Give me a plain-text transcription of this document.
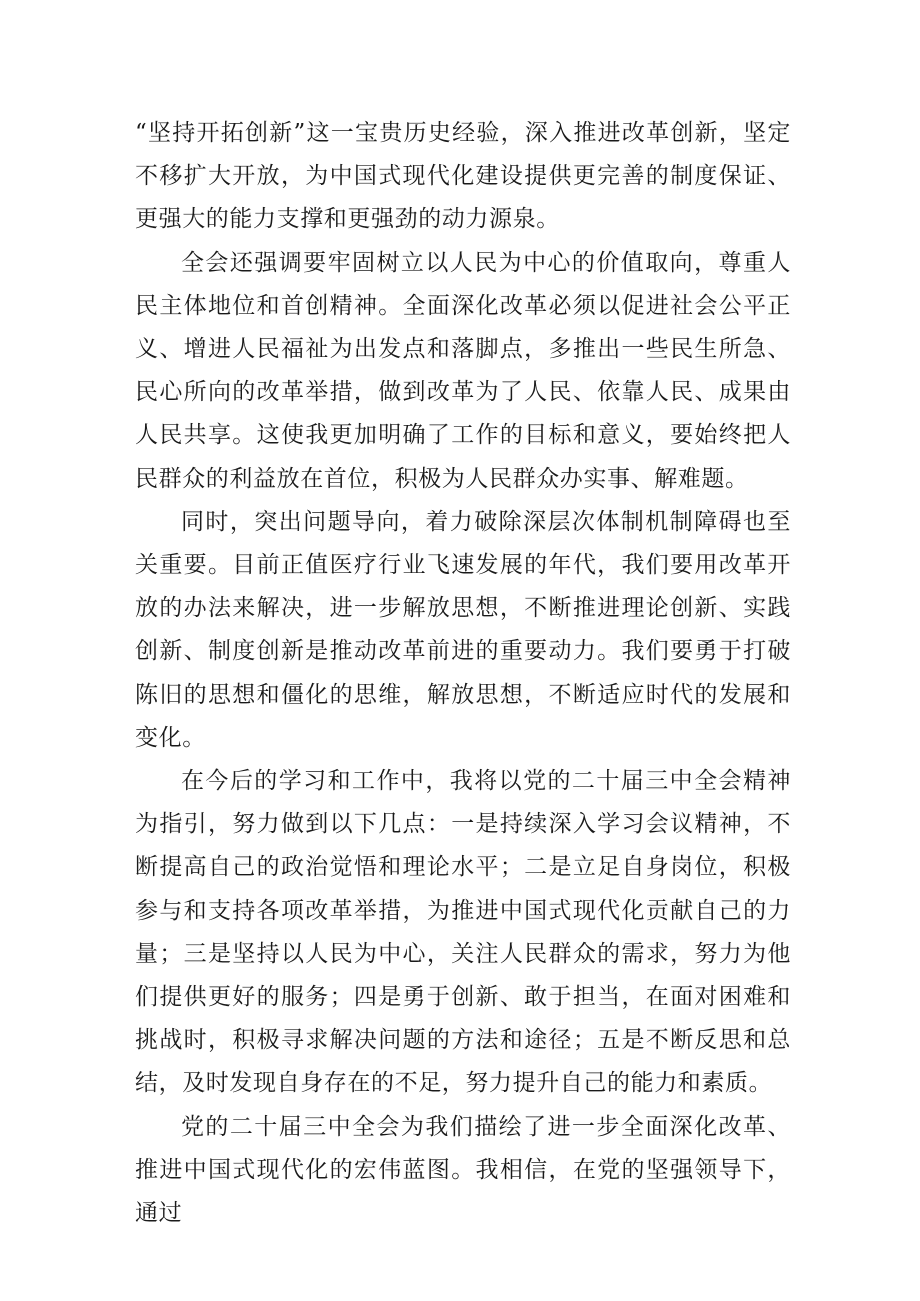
“坚持开拓创新”这一宝贵历史经验，深入推进改革创新，坚定不移扩大开放，为中国式现代化建设提供更完善的制度保证、更强大的能力支撑和更强劲的动力源泉。

全会还强调要牢固树立以人民为中心的价值取向，尊重人民主体地位和首创精神。全面深化改革必须以促进社会公平正义、增进人民福祉为出发点和落脚点，多推出一些民生所急、民心所向的改革举措，做到改革为了人民、依靠人民、成果由人民共享。这使我更加明确了工作的目标和意义，要始终把人民群众的利益放在首位，积极为人民群众办实事、解难题。

同时，突出问题导向，着力破除深层次体制机制障碍也至关重要。目前正值医疗行业飞速发展的年代，我们要用改革开放的办法来解决，进一步解放思想，不断推进理论创新、实践创新、制度创新是推动改革前进的重要动力。我们要勇于打破陈旧的思想和僵化的思维，解放思想，不断适应时代的发展和变化。

在今后的学习和工作中，我将以党的二十届三中全会精神为指引，努力做到以下几点：一是持续深入学习会议精神，不断提高自己的政治觉悟和理论水平；二是立足自身岗位，积极参与和支持各项改革举措，为推进中国式现代化贡献自己的力量；三是坚持以人民为中心，关注人民群众的需求，努力为他们提供更好的服务；四是勇于创新、敢于担当，在面对困难和挑战时，积极寻求解决问题的方法和途径；五是不断反思和总结，及时发现自身存在的不足，努力提升自己的能力和素质。

党的二十届三中全会为我们描绘了进一步全面深化改革、推进中国式现代化的宏伟蓝图。我相信，在党的坚强领导下，通过
